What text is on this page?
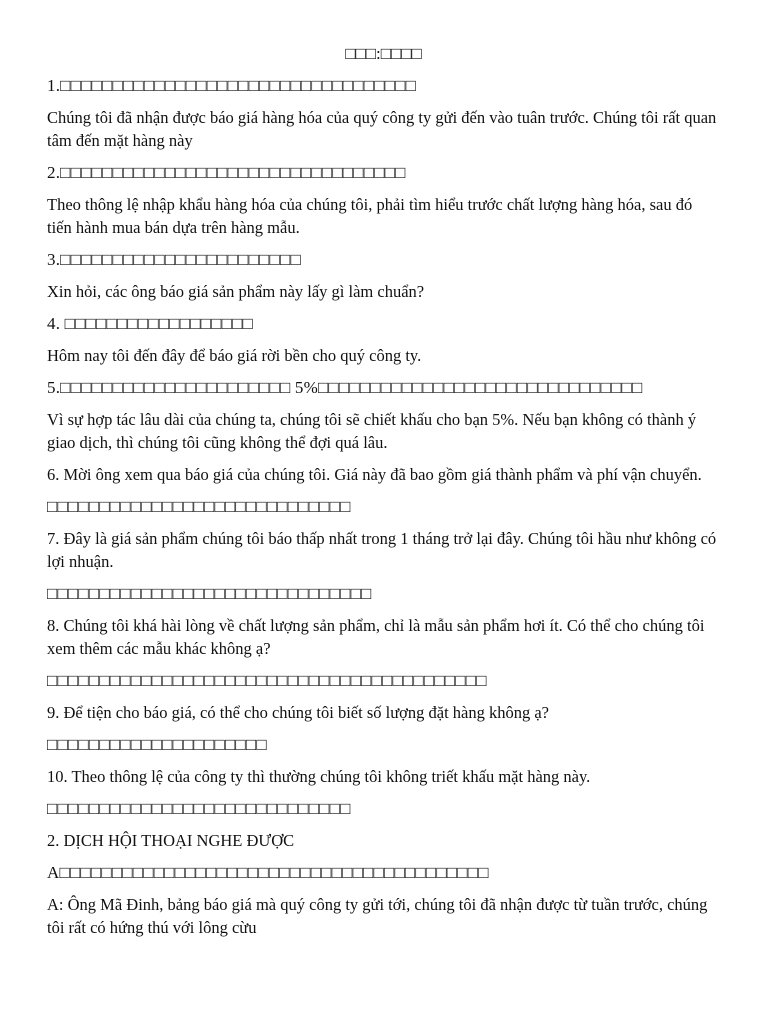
□□□:□□□□
1.□□□□□□□□□□□□□□□□□□□□□□□□□□□□□□□□□□
Chúng tôi đã nhận được báo giá hàng hóa của quý công ty gửi đến vào tuân trước. Chúng tôi rất quan tâm đến mặt hàng này
2.□□□□□□□□□□□□□□□□□□□□□□□□□□□□□□□□□
Theo thông lệ nhập khẩu hàng hóa của chúng tôi, phải tìm hiểu trước chất lượng hàng hóa, sau đó tiến hành mua bán dựa trên hàng mẫu.
3.□□□□□□□□□□□□□□□□□□□□□□□
Xin hỏi, các ông báo giá sản phẩm này lấy gì làm chuẩn?
4. □□□□□□□□□□□□□□□□□□
Hôm nay tôi đến đây để báo giá rời bền cho quý công ty.
5.□□□□□□□□□□□□□□□□□□□□□□ 5%□□□□□□□□□□□□□□□□□□□□□□□□□□□□□□□
Vì sự hợp tác lâu dài của chúng ta, chúng tôi sẽ chiết khấu cho bạn 5%. Nếu bạn không có thành ý giao dịch, thì chúng tôi cũng không thể đợi quá lâu.
6. Mời ông xem qua báo giá của chúng tôi. Giá này đã bao gồm giá thành phẩm và phí vận chuyển.
□□□□□□□□□□□□□□□□□□□□□□□□□□□□□
7. Đây là giá sản phẩm chúng tôi báo thấp nhất trong 1 tháng trở lại đây. Chúng tôi hầu như không có lợi nhuận.
□□□□□□□□□□□□□□□□□□□□□□□□□□□□□□□
8. Chúng tôi khá hài lòng về chất lượng sản phẩm, chỉ là mẫu sản phẩm hơi ít. Có thể cho chúng tôi xem thêm các mẫu khác không ạ?
□□□□□□□□□□□□□□□□□□□□□□□□□□□□□□□□□□□□□□□□□□
9. Để tiện cho báo giá, có thể cho chúng tôi biết số lượng đặt hàng không ạ?
□□□□□□□□□□□□□□□□□□□□□
10. Theo thông lệ của công ty thì thường chúng tôi không triết khấu mặt hàng này.
□□□□□□□□□□□□□□□□□□□□□□□□□□□□□
2. DỊCH HỘI THOẠI NGHE ĐƯỢC
A□□□□□□□□□□□□□□□□□□□□□□□□□□□□□□□□□□□□□□□□□
A: Ông Mã Đinh, bảng báo giá mà quý công ty gửi tới, chúng tôi đã nhận được từ tuần trước, chúng tôi rất có hứng thú với lông cừu
